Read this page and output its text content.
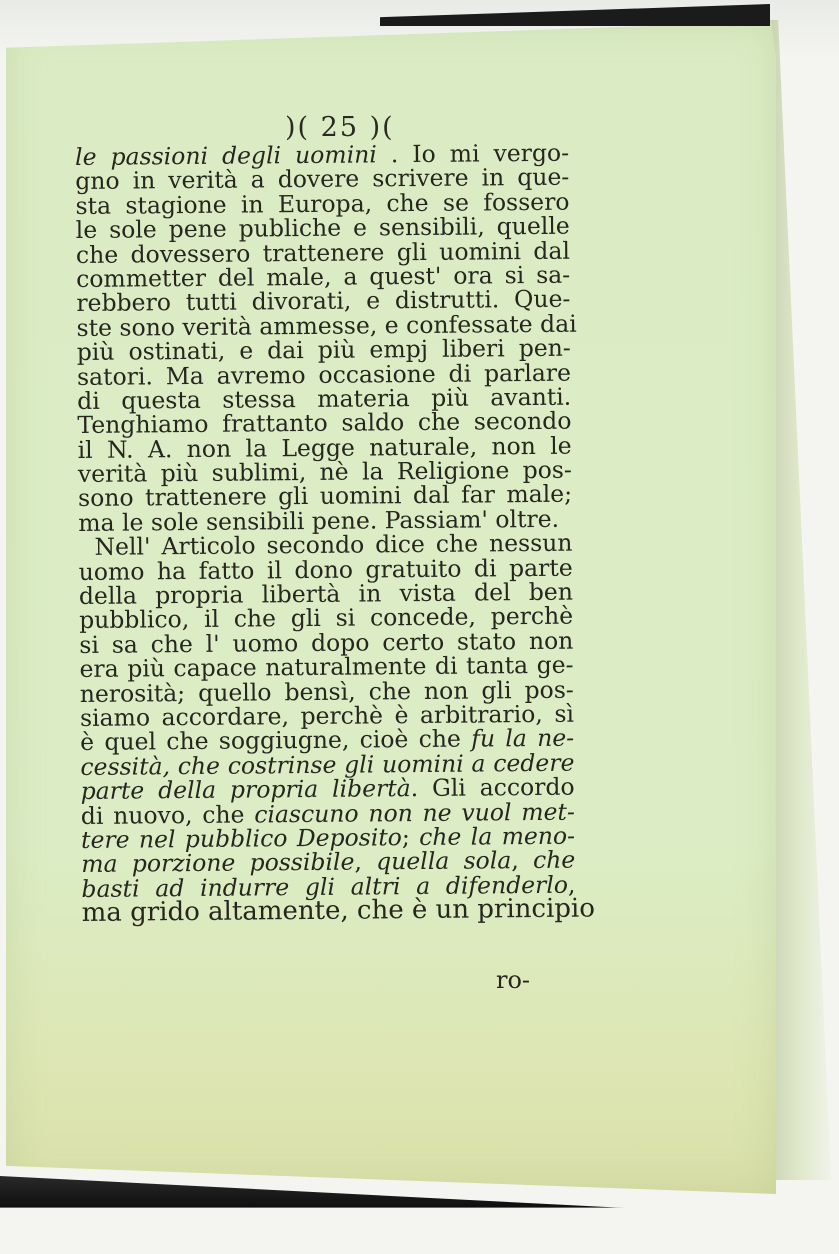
)( 25 )(
le passioni degli uomini . Io mi vergo-
gno in verità a dovere scrivere in que-
sta stagione in Europa, che se fossero
le sole pene publiche e sensibili, quelle
che dovessero trattenere gli uomini dal
commetter del male, a quest' ora si sa-
rebbero tutti divorati, e distrutti. Que-
ste sono verità ammesse, e confessate dai
più ostinati, e dai più empj liberi pen-
satori. Ma avremo occasione di parlare
di questa stessa materia più avanti.
Tenghiamo frattanto saldo che secondo
il N. A. non la Legge naturale, non le
verità più sublimi, nè la Religione pos-
sono trattenere gli uomini dal far male;
ma le sole sensibili pene. Passiam' oltre.
Nell' Articolo secondo dice che nessun
uomo ha fatto il dono gratuito di parte
della propria libertà in vista del ben
pubblico, il che gli si concede, perchè
si sa che l' uomo dopo certo stato non
era più capace naturalmente di tanta ge-
nerosità; quello bensì, che non gli pos-
siamo accordare, perchè è arbitrario, sì
è quel che soggiugne, cioè che fu la ne-
cessità, che costrinse gli uomini a cedere
parte della propria libertà. Gli accordo
di nuovo, che ciascuno non ne vuol met-
tere nel pubblico Deposito; che la meno-
ma porzione possibile, quella sola, che
basti ad indurre gli altri a difenderlo,
ma grido altamente, che è un principio
ro-
